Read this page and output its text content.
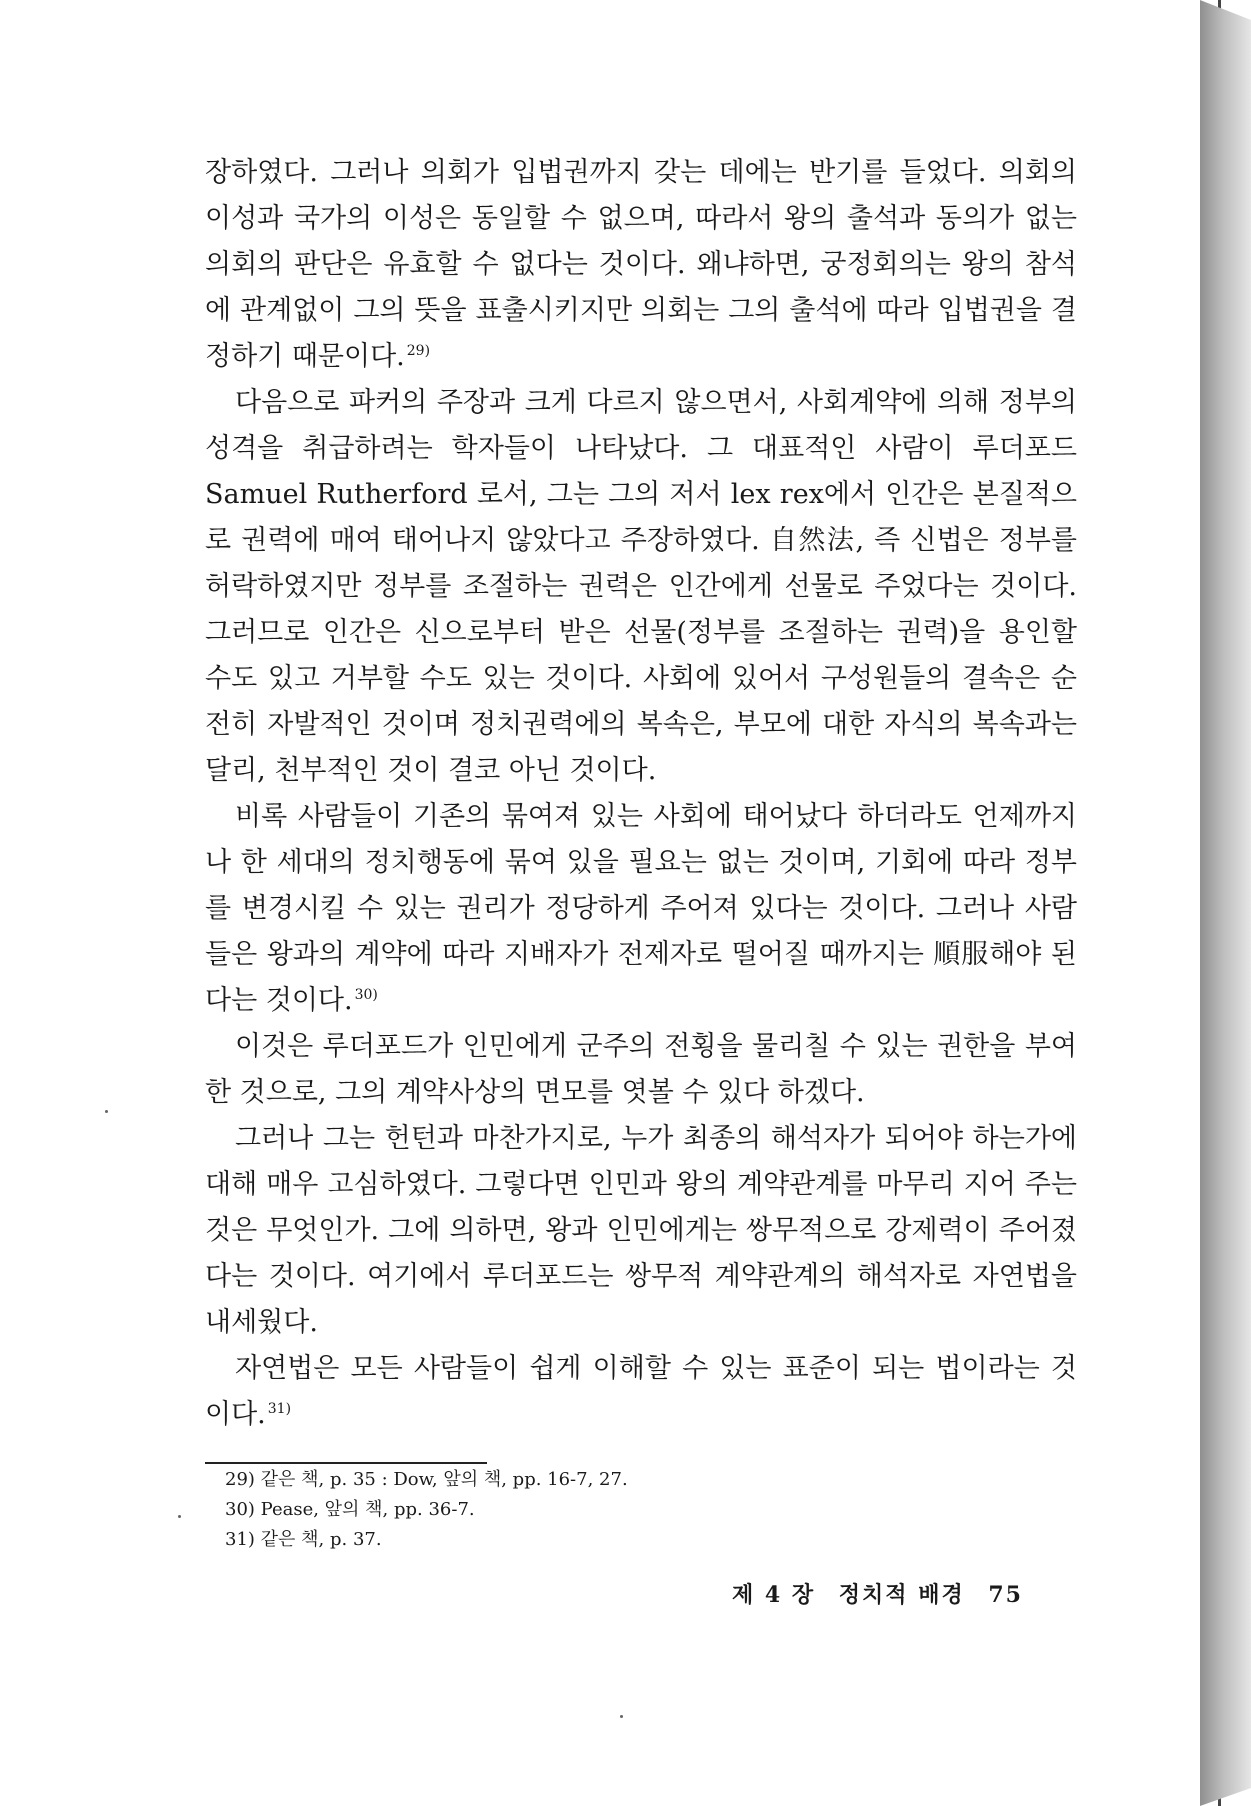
장하였다. 그러나 의회가 입법권까지 갖는 데에는 반기를 들었다. 의회의 이성과 국가의 이성은 동일할 수 없으며, 따라서 왕의 출석과 동의가 없는 의회의 판단은 유효할 수 없다는 것이다. 왜냐하면, 궁정회의는 왕의 참석에 관계없이 그의 뜻을 표출시키지만 의회는 그의 출석에 따라 입법권을 결정하기 때문이다. $^{29)}$

다음으로 파커의 주장과 크게 다르지 않으면서, 사회계약에 의해 정부의 성격을 취급하려는 학자들이 나타났다. 그 대표적인 사람이 루더포드 Samuel Rutherford 로서, 그는 그의 저서 lex rex에서 인간은 본질적으로 권력에 매여 태어나지 않았다고 주장하였다. 自然法, 즉 신법은 정부를 허락하였지만 정부를 조절하는 권력은 인간에게 선물로 주었다는 것이다. 그러므로 인간은 신으로부터 받은 선물(정부를 조절하는 권력)을 용인할 수도 있고 거부할 수도 있는 것이다. 사회에 있어서 구성원들의 결속은 순전히 자발적인 것이며 정치권력에의 복속은, 부모에 대한 자식의 복속과는 달리, 천부적인 것이 결코 아닌 것이다.

비록 사람들이 기존의 묶여져 있는 사회에 태어났다 하더라도 언제까지나 한 세대의 정치행동에 묶여 있을 필요는 없는 것이며, 기회에 따라 정부를 변경시킬 수 있는 권리가 정당하게 주어져 있다는 것이다. 그러나 사람들은 왕과의 계약에 따라 지배자가 전제자로 떨어질 때까지는 順服해야 된다는 것이다. $^{30)}$

이것은 루더포드가 인민에게 군주의 전횡을 물리칠 수 있는 권한을 부여한 것으로, 그의 계약사상의 면모를 엿볼 수 있다 하겠다.

그러나 그는 헌턴과 마찬가지로, 누가 최종의 해석자가 되어야 하는가에 대해 매우 고심하였다. 그렇다면 인민과 왕의 계약관계를 마무리 지어 주는 것은 무엇인가. 그에 의하면, 왕과 인민에게는 쌍무적으로 강제력이 주어졌다는 것이다. 여기에서 루더포드는 쌍무적 계약관계의 해석자로 자연법을 내세웠다.

자연법은 모든 사람들이 쉽게 이해할 수 있는 표준이 되는 법이라는 것이다. $^{31)}$

29) 같은 책, p. 35 : Dow, 앞의 책, pp. 16-7, 27.

30) Pease, 앞의 책, pp. 36-7.

31) 같은 책, p. 37.

제 4 장 정치적 배경 75
